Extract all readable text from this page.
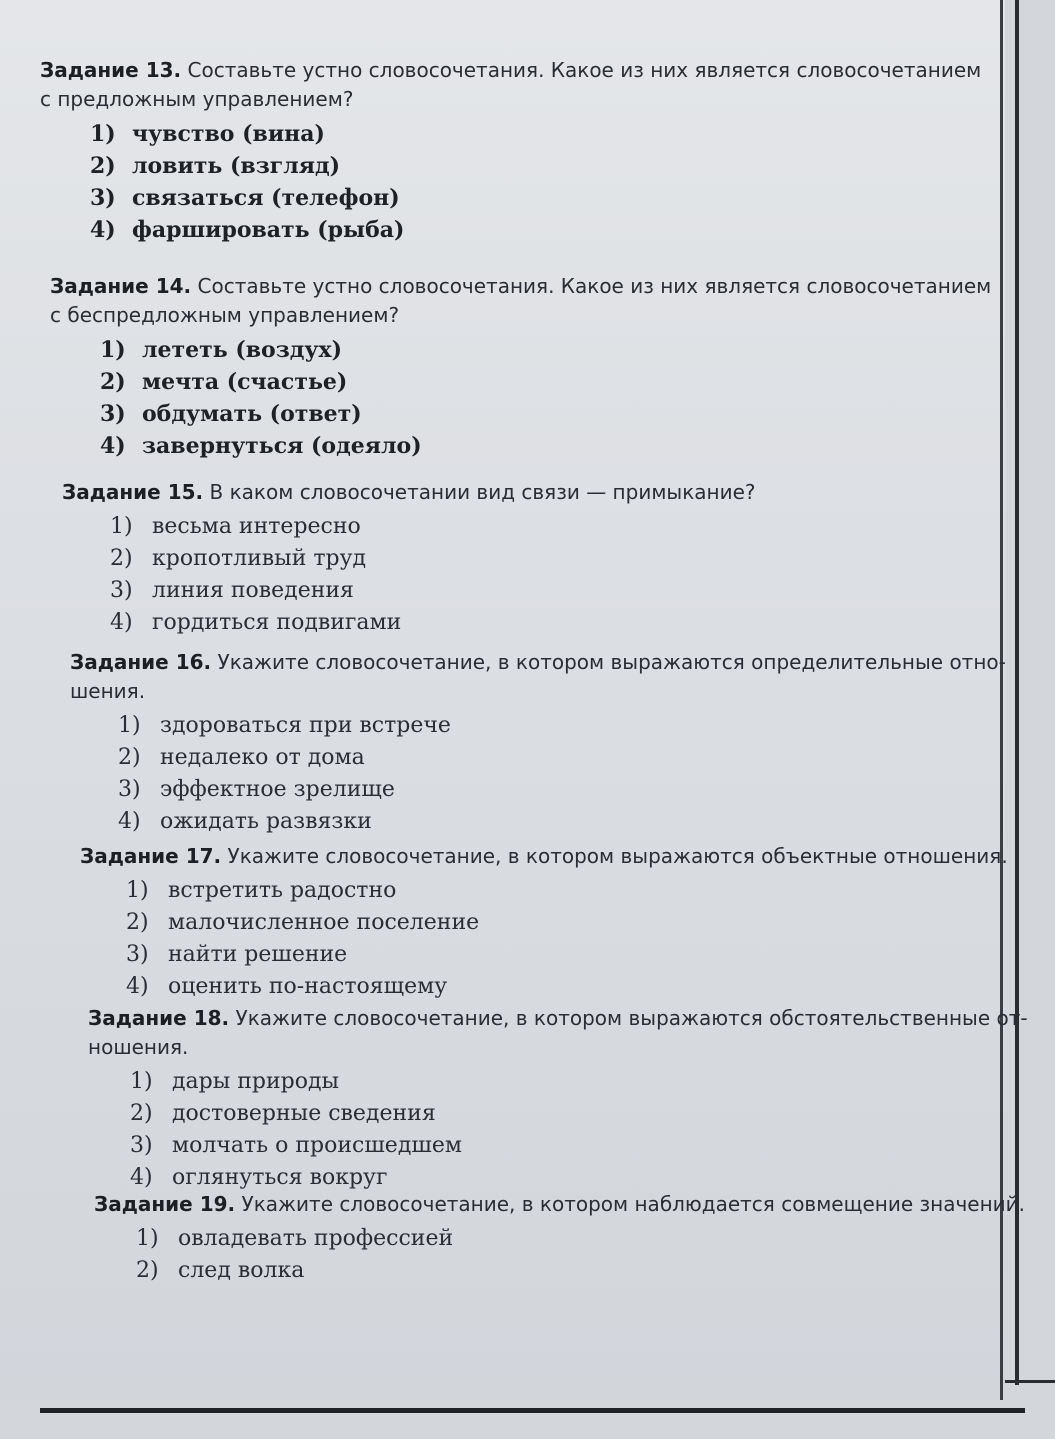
Задание 13. Составьте устно словосочетания. Какое из них является словосочетанием
с предложным управлением?
1) чувство (вина)
2) ловить (взгляд)
3) связаться (телефон)
4) фаршировать (рыба)
Задание 14. Составьте устно словосочетания. Какое из них является словосочетанием
с беспредложным управлением?
1) лететь (воздух)
2) мечта (счастье)
3) обдумать (ответ)
4) завернуться (одеяло)
Задание 15. В каком словосочетании вид связи — примыкание?
1) весьма интересно
2) кропотливый труд
3) линия поведения
4) гордиться подвигами
Задание 16. Укажите словосочетание, в котором выражаются определительные отно-
шения.
1) здороваться при встрече
2) недалеко от дома
3) эффектное зрелище
4) ожидать развязки
Задание 17. Укажите словосочетание, в котором выражаются объектные отношения.
1) встретить радостно
2) малочисленное поселение
3) найти решение
4) оценить по-настоящему
Задание 18. Укажите словосочетание, в котором выражаются обстоятельственные от-
ношения.
1) дары природы
2) достоверные сведения
3) молчать о происшедшем
4) оглянуться вокруг
Задание 19. Укажите словосочетание, в котором наблюдается совмещение значений.
1) овладевать профессией
2) след волка
